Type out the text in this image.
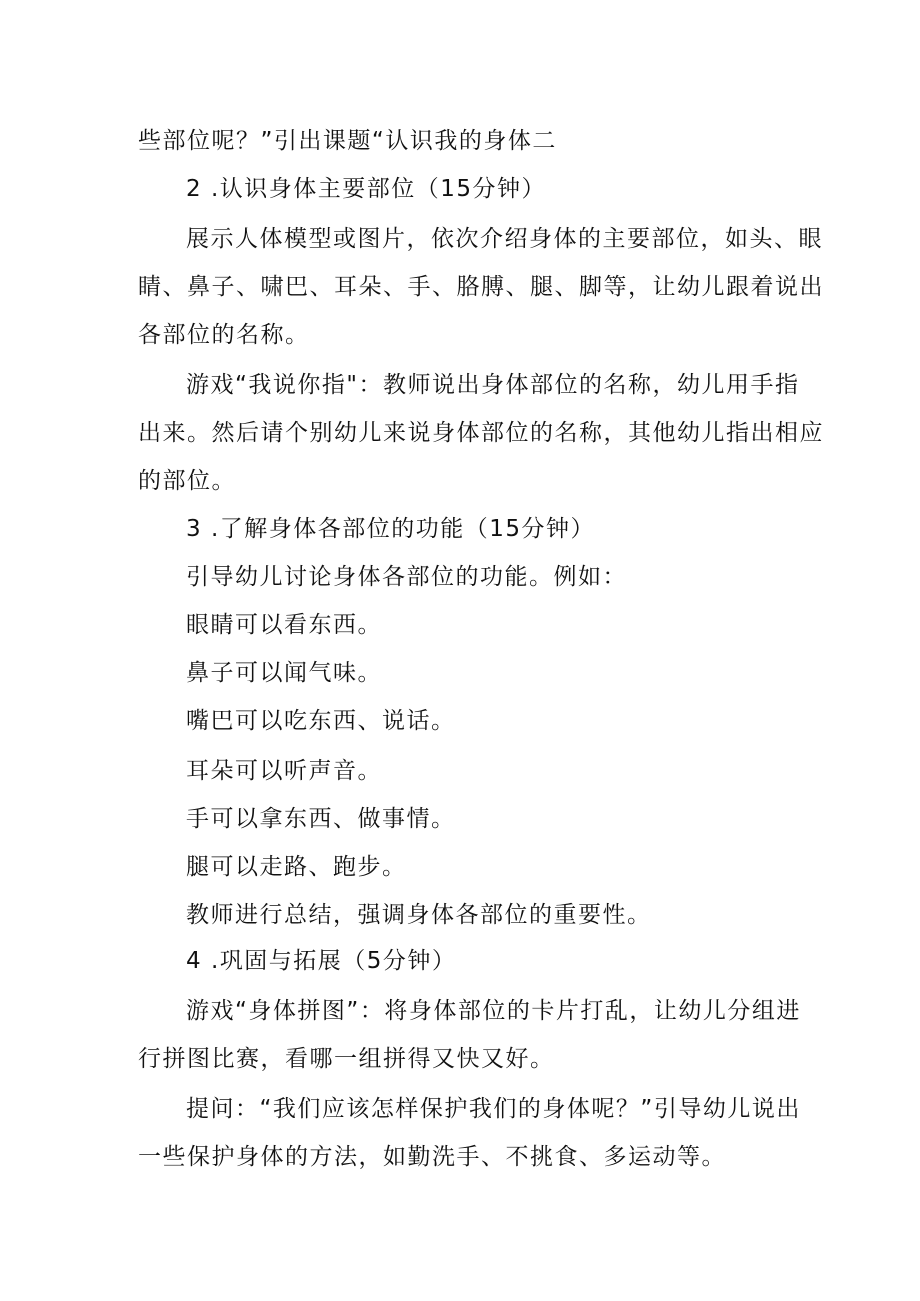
些部位呢？”引出课题“认识我的身体二
2 .认识身体主要部位（15分钟）
展示人体模型或图片，依次介绍身体的主要部位，如头、眼
睛、鼻子、啸巴、耳朵、手、胳膊、腿、脚等，让幼儿跟着说出
各部位的名称。
游戏“我说你指"：教师说出身体部位的名称，幼儿用手指
出来。然后请个别幼儿来说身体部位的名称，其他幼儿指出相应
的部位。
3 .了解身体各部位的功能（15分钟）
引导幼儿讨论身体各部位的功能。例如：
眼睛可以看东西。
鼻子可以闻气味。
嘴巴可以吃东西、说话。
耳朵可以听声音。
手可以拿东西、做事情。
腿可以走路、跑步。
教师进行总结，强调身体各部位的重要性。
4 .巩固与拓展（5分钟）
游戏“身体拼图”：将身体部位的卡片打乱，让幼儿分组进
行拼图比赛，看哪一组拼得又快又好。
提问：“我们应该怎样保护我们的身体呢？”引导幼儿说出
一些保护身体的方法，如勤洗手、不挑食、多运动等。
